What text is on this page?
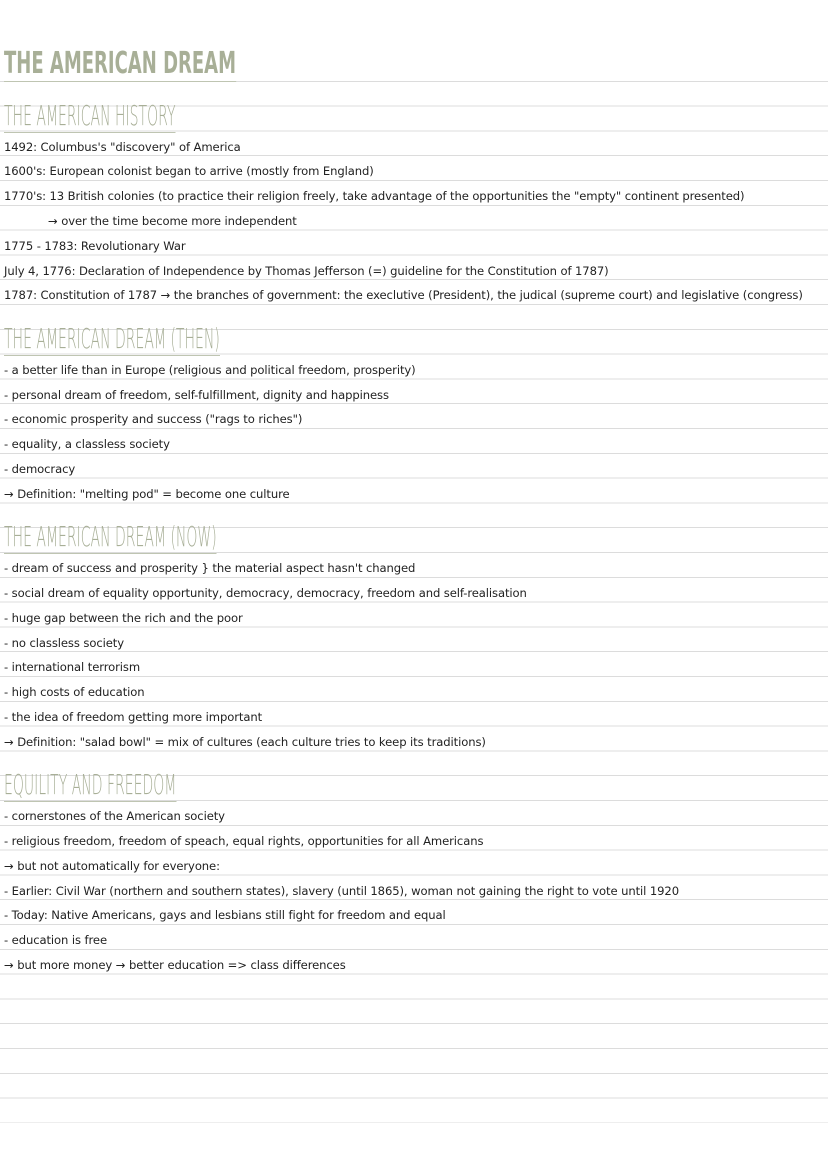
THE AMERICAN DREAM
THE AMERICAN HISTORY
1492: Columbus's "discovery" of America
1600's: European colonist began to arrive (mostly from England)
1770's: 13 British colonies (to practice their religion freely, take advantage of the opportunities the "empty" continent presented)
→ over the time become more independent
1775 - 1783: Revolutionary War
July 4, 1776: Declaration of Independence by Thomas Jefferson (=) guideline for the Constitution of 1787)
1787: Constitution of 1787 → the branches of government: the execlutive (President), the judical (supreme court) and legislative (congress)
THE AMERICAN DREAM (THEN)
- a better life than in Europe (religious and political freedom, prosperity)
- personal dream of freedom, self-fulfillment, dignity and happiness
- economic prosperity and success ("rags to riches")
- equality, a classless society
- democracy
→ Definition: "melting pod" = become one culture
THE AMERICAN DREAM (NOW)
- dream of success and prosperity } the material aspect hasn't changed
- social dream of equality opportunity, democracy, democracy, freedom and self-realisation
- huge gap between the rich and the poor
- no classless society
- international terrorism
- high costs of education
- the idea of freedom getting more important
→ Definition: "salad bowl" = mix of cultures (each culture tries to keep its traditions)
EQUILITY AND FREEDOM
- cornerstones of the American society
- religious freedom, freedom of speach, equal rights, opportunities for all Americans
→ but not automatically for everyone:
- Earlier: Civil War (northern and southern states), slavery (until 1865), woman not gaining the right to vote until 1920
- Today: Native Americans, gays and lesbians still fight for freedom and equal
- education is free
→ but more money → better education => class differences
